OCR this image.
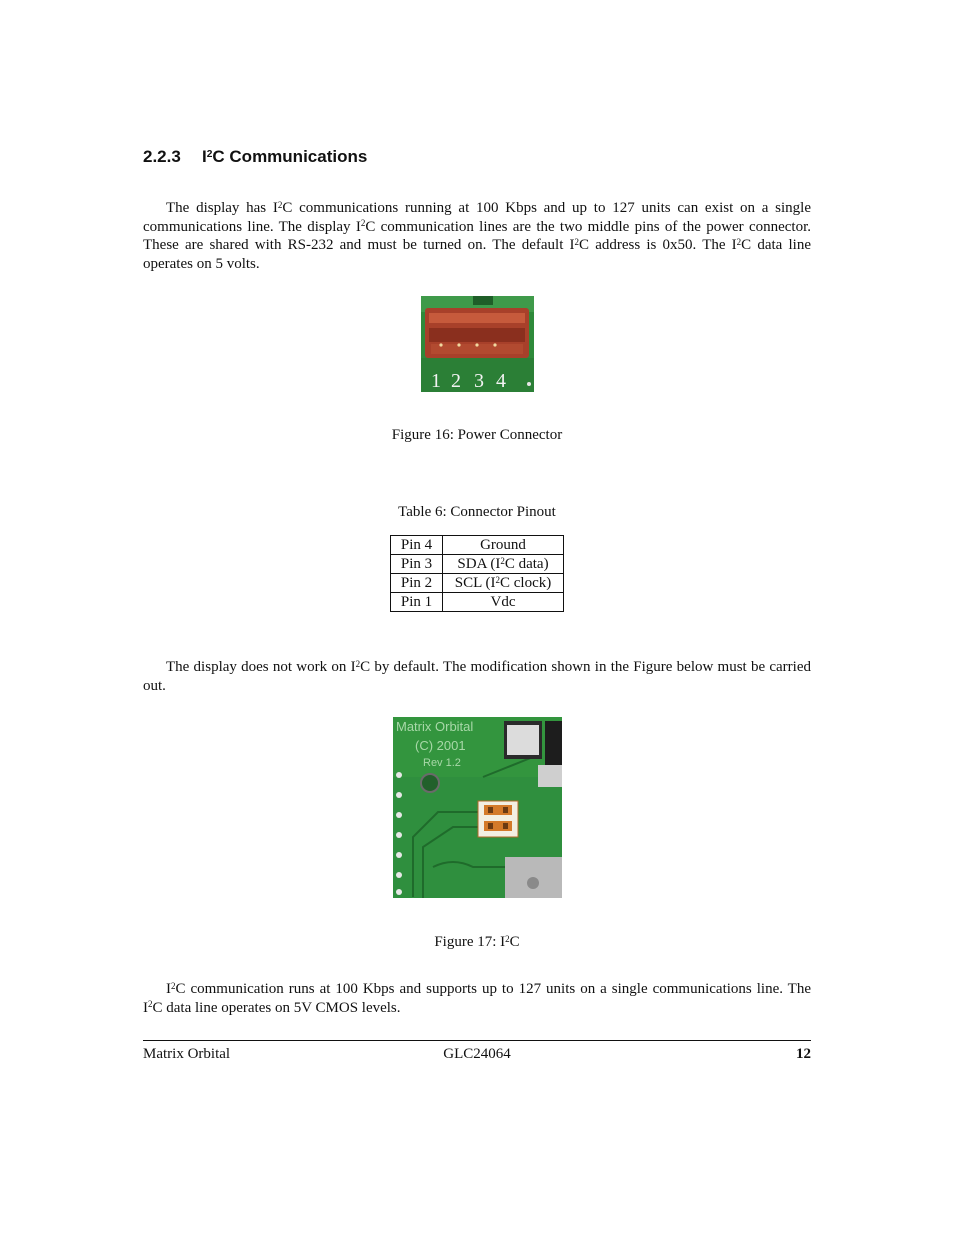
2.2.3 $I^2C$ Communications

The display has $I^2C$ communications running at 100 Kbps and up to 127 units can exist on a single communications line. The display $I^2C$ communication lines are the two middle pins of the power connector. These are shared with RS-232 and must be turned on. The default $I^2C$ address is 0x50. The $I^2C$ data line operates on 5 volts.

1 2 3 4
Figure 16: Power Connector
Table 6: Connector Pinout
Pin 4	Ground
Pin 3	SDA ($I^2C$ data)
Pin 2	SCL ($I^2C$ clock)
Pin 1	Vdc

The display does not work on $I^2C$ by default. The modification shown in the Figure below must be carried out.

Matrix Orbital
(C) 2001
Rev 1.2
Figure 17: $I^2C$

$I^2C$ communication runs at 100 Kbps and supports up to 127 units on a single communications line. The $I^2C$ data line operates on 5V CMOS levels.

Matrix Orbital	GLC24064	12
